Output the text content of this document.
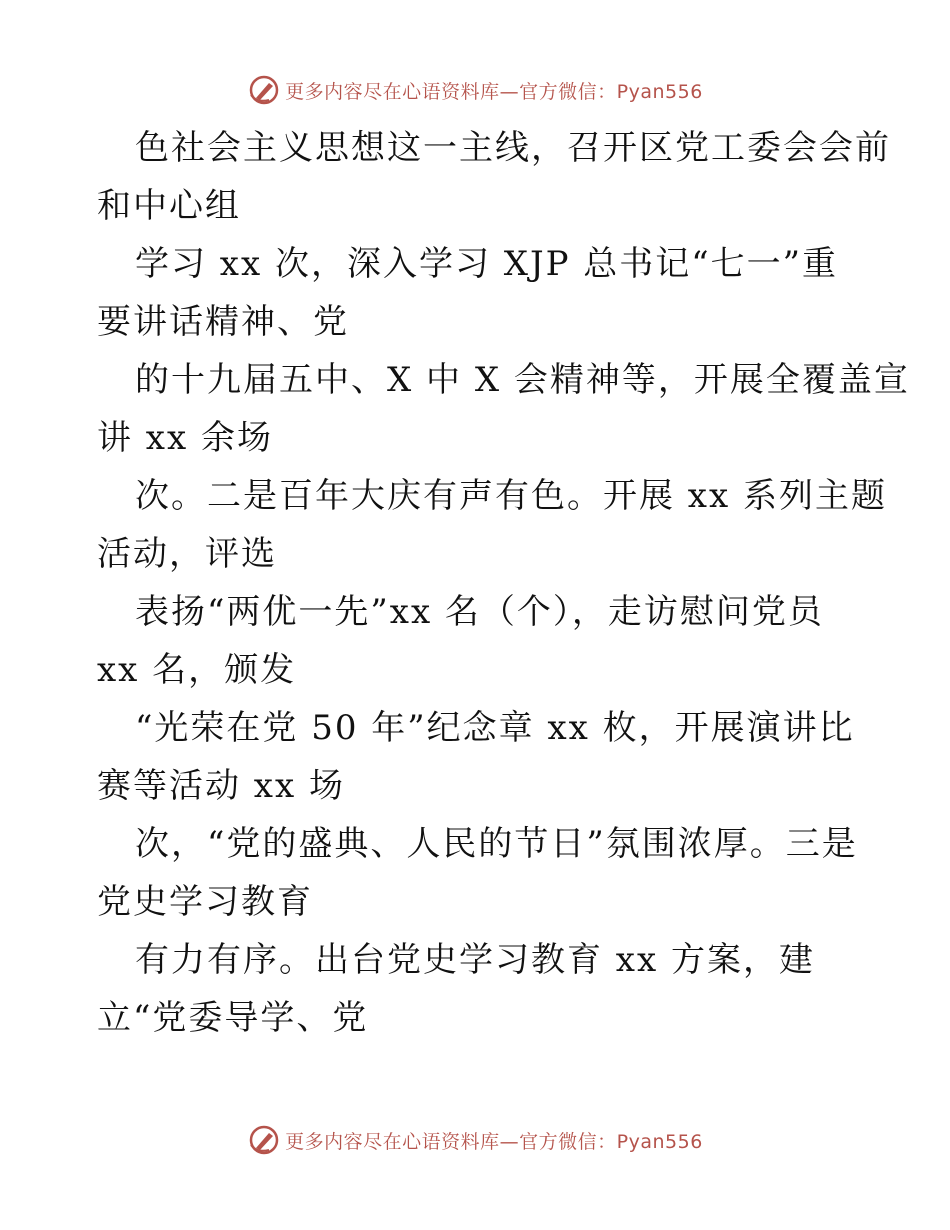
更多内容尽在心语资料库—官方微信：Pyan556
色社会主义思想这一主线，召开区党工委会会前
和中心组
学习 xx 次，深入学习 XJP 总书记“七一”重
要讲话精神、党
的十九届五中、X 中 X 会精神等，开展全覆盖宣
讲 xx 余场
次。二是百年大庆有声有色。开展 xx 系列主题
活动，评选
表扬“两优一先”xx 名（个），走访慰问党员
xx 名，颁发
“光荣在党 50 年”纪念章 xx 枚，开展演讲比
赛等活动 xx 场
次，“党的盛典、人民的节日”氛围浓厚。三是
党史学习教育
有力有序。出台党史学习教育 xx 方案，建
立“党委导学、党
更多内容尽在心语资料库—官方微信：Pyan556
